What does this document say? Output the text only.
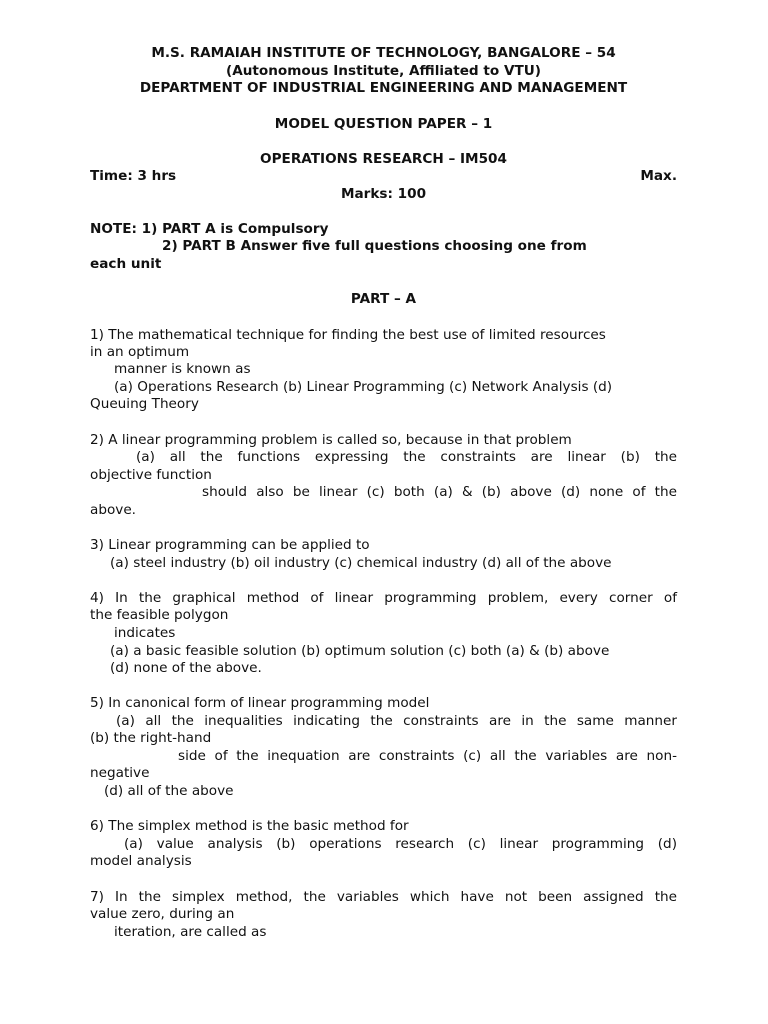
M.S. RAMAIAH INSTITUTE OF TECHNOLOGY, BANGALORE – 54
(Autonomous Institute, Affiliated to VTU)
DEPARTMENT OF INDUSTRIAL ENGINEERING AND MANAGEMENT
MODEL QUESTION PAPER – 1
OPERATIONS RESEARCH – IM504
Time: 3 hrs	Max.
Marks: 100
NOTE: 1) PART A is Compulsory
2) PART B Answer five full questions choosing one from
each unit
PART – A
1) The mathematical technique for finding the best use of limited resources
in an optimum
manner is known as
(a) Operations Research (b) Linear Programming (c) Network Analysis (d)
Queuing Theory
2) A linear programming problem is called so, because in that problem
(a) all the functions expressing the constraints are linear (b) the
objective function
should also be linear (c) both (a) & (b) above (d) none of the
above.
3) Linear programming can be applied to
(a) steel industry (b) oil industry (c) chemical industry (d) all of the above
4) In the graphical method of linear programming problem, every corner of
the feasible polygon
indicates
(a) a basic feasible solution (b) optimum solution (c) both (a) & (b) above
(d) none of the above.
5) In canonical form of linear programming model
(a) all the inequalities indicating the constraints are in the same manner
(b) the right-hand
side of the inequation are constraints (c) all the variables are non-
negative
(d) all of the above
6) The simplex method is the basic method for
(a) value analysis (b) operations research (c) linear programming (d)
model analysis
7) In the simplex method, the variables which have not been assigned the
value zero, during an
iteration, are called as
